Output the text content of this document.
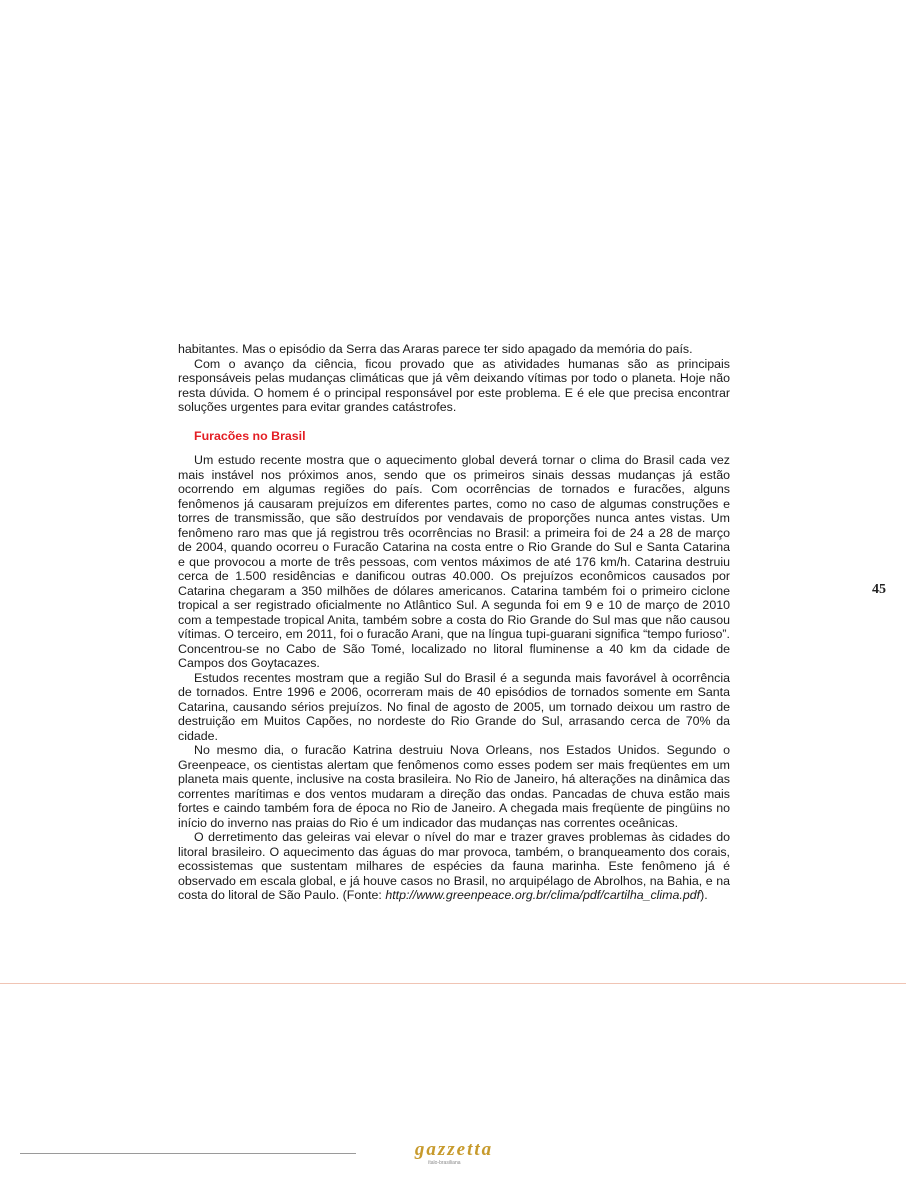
habitantes. Mas o episódio da Serra das Araras parece ter sido apagado da memória do país.

Com o avanço da ciência, ficou provado que as atividades humanas são as principais responsáveis pelas mudanças climáticas que já vêm deixando vítimas por todo o planeta. Hoje não resta dúvida. O homem é o principal responsável por este problema. E é ele que precisa encontrar soluções urgentes para evitar grandes catástrofes.

Furacões no Brasil

Um estudo recente mostra que o aquecimento global deverá tornar o clima do Brasil cada vez mais instável nos próximos anos, sendo que os primeiros sinais dessas mudanças já estão ocorrendo em algumas regiões do país. Com ocorrências de tornados e furacões, alguns fenômenos já causaram prejuízos em diferentes partes, como no caso de algumas construções e torres de transmissão, que são destruídos por vendavais de proporções nunca antes vistas. Um fenômeno raro mas que já registrou três ocorrências no Brasil: a primeira foi de 24 a 28 de março de 2004, quando ocorreu o Furacão Catarina na costa entre o Rio Grande do Sul e Santa Catarina e que provocou a morte de três pessoas, com ventos máximos de até 176 km/h. Catarina destruiu cerca de 1.500 residências e danificou outras 40.000. Os prejuízos econômicos causados por Catarina chegaram a 350 milhões de dólares americanos. Catarina também foi o primeiro ciclone tropical a ser registrado oficialmente no Atlântico Sul. A segunda foi em 9 e 10 de março de 2010 com a tempestade tropical Anita, também sobre a costa do Rio Grande do Sul mas que não causou vítimas. O terceiro, em 2011, foi o furacão Arani, que na língua tupi-guarani significa “tempo furioso”. Concentrou-se no Cabo de São Tomé, localizado no litoral fluminense a 40 km da cidade de Campos dos Goytacazes.

Estudos recentes mostram que a região Sul do Brasil é a segunda mais favorável à ocorrência de tornados. Entre 1996 e 2006, ocorreram mais de 40 episódios de tornados somente em Santa Catarina, causando sérios prejuízos. No final de agosto de 2005, um tornado deixou um rastro de destruição em Muitos Capões, no nordeste do Rio Grande do Sul, arrasando cerca de 70% da cidade.

No mesmo dia, o furacão Katrina destruiu Nova Orleans, nos Estados Unidos. Segundo o Greenpeace, os cientistas alertam que fenômenos como esses podem ser mais freqüentes em um planeta mais quente, inclusive na costa brasileira. No Rio de Janeiro, há alterações na dinâmica das correntes marítimas e dos ventos mudaram a direção das ondas. Pancadas de chuva estão mais fortes e caindo também fora de época no Rio de Janeiro. A chegada mais freqüente de pingüins no início do inverno nas praias do Rio é um indicador das mudanças nas correntes oceânicas.

O derretimento das geleiras vai elevar o nível do mar e trazer graves problemas às cidades do litoral brasileiro. O aquecimento das águas do mar provoca, também, o branqueamento dos corais, ecossistemas que sustentam milhares de espécies da fauna marinha. Este fenômeno já é observado em escala global, e já houve casos no Brasil, no arquipélago de Abrolhos, na Bahia, e na costa do litoral de São Paulo. (Fonte: http://www.greenpeace.org.br/clima/pdf/cartilha_clima.pdf).

45
gazzetta
ítalo-brasiliana
